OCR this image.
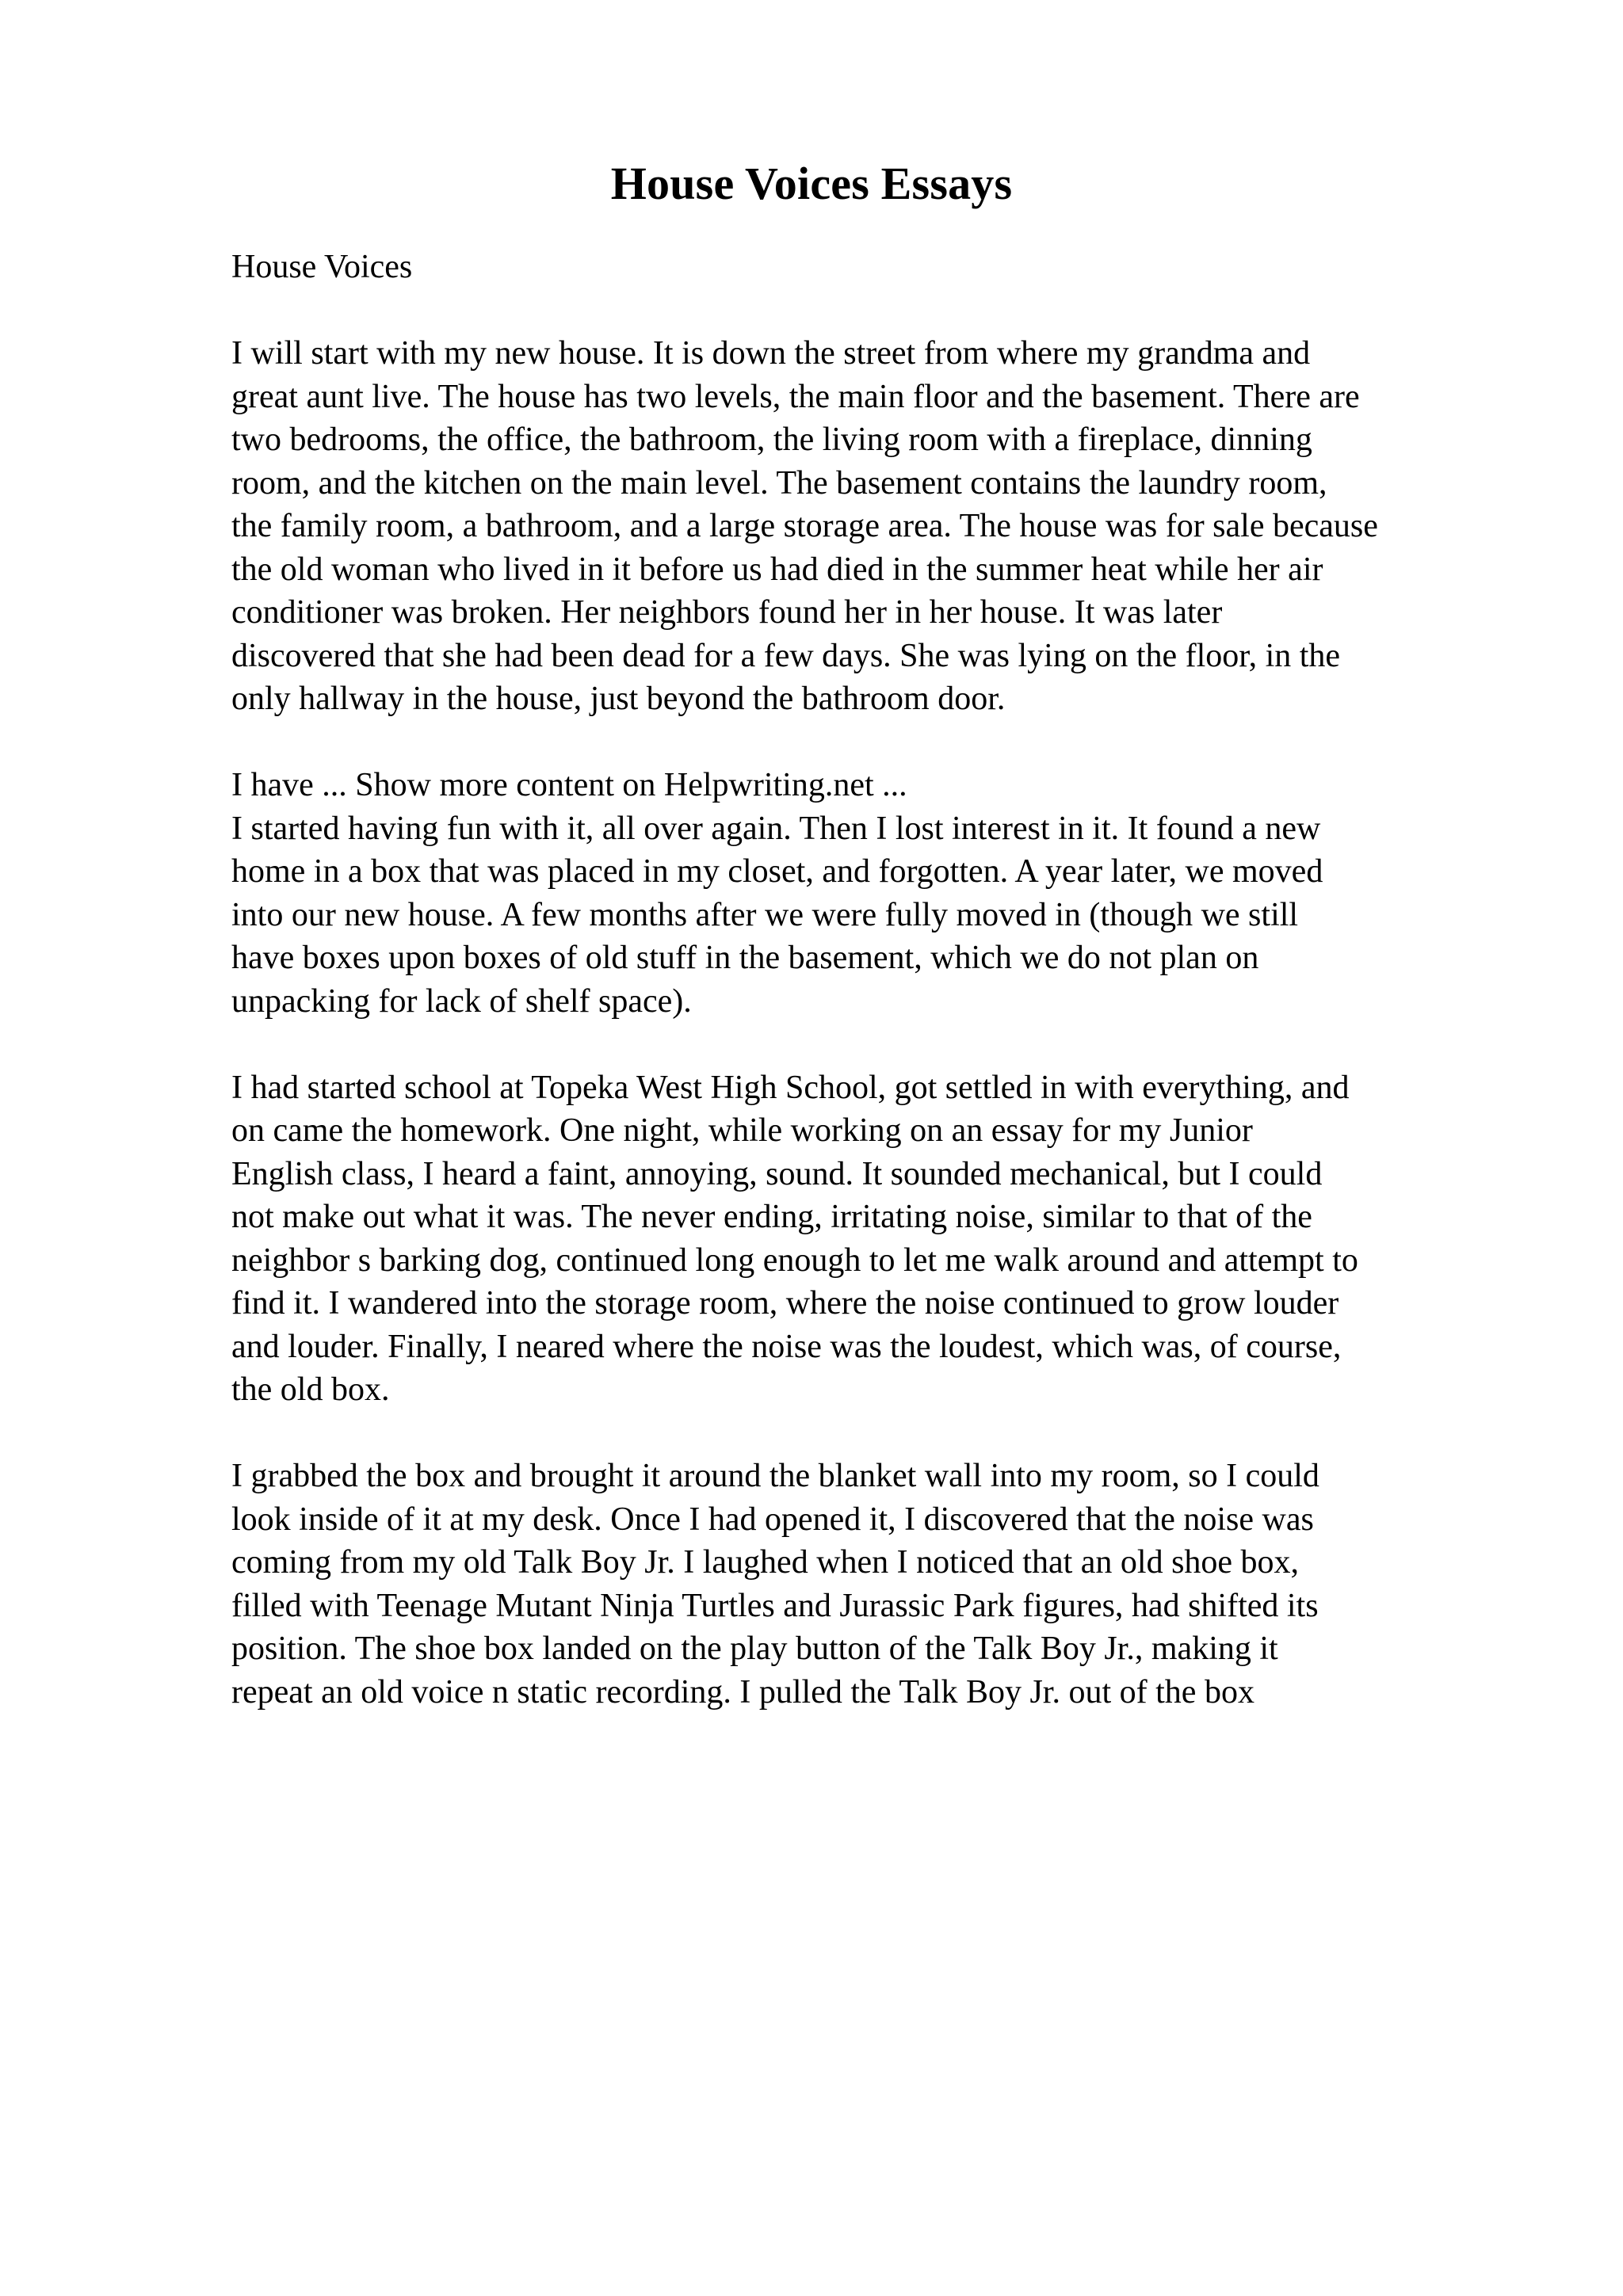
House Voices Essays

House Voices

I will start with my new house. It is down the street from where my grandma and
great aunt live. The house has two levels, the main floor and the basement. There are
two bedrooms, the office, the bathroom, the living room with a fireplace, dinning
room, and the kitchen on the main level. The basement contains the laundry room,
the family room, a bathroom, and a large storage area. The house was for sale because
the old woman who lived in it before us had died in the summer heat while her air
conditioner was broken. Her neighbors found her in her house. It was later
discovered that she had been dead for a few days. She was lying on the floor, in the
only hallway in the house, just beyond the bathroom door.
I have ... Show more content on Helpwriting.net ...
I started having fun with it, all over again. Then I lost interest in it. It found a new
home in a box that was placed in my closet, and forgotten. A year later, we moved
into our new house. A few months after we were fully moved in (though we still
have boxes upon boxes of old stuff in the basement, which we do not plan on
unpacking for lack of shelf space).
I had started school at Topeka West High School, got settled in with everything, and
on came the homework. One night, while working on an essay for my Junior
English class, I heard a faint, annoying, sound. It sounded mechanical, but I could
not make out what it was. The never ending, irritating noise, similar to that of the
neighbor s barking dog, continued long enough to let me walk around and attempt to
find it. I wandered into the storage room, where the noise continued to grow louder
and louder. Finally, I neared where the noise was the loudest, which was, of course,
the old box.
I grabbed the box and brought it around the blanket wall into my room, so I could
look inside of it at my desk. Once I had opened it, I discovered that the noise was
coming from my old Talk Boy Jr. I laughed when I noticed that an old shoe box,
filled with Teenage Mutant Ninja Turtles and Jurassic Park figures, had shifted its
position. The shoe box landed on the play button of the Talk Boy Jr., making it
repeat an old voice n static recording. I pulled the Talk Boy Jr. out of the box
